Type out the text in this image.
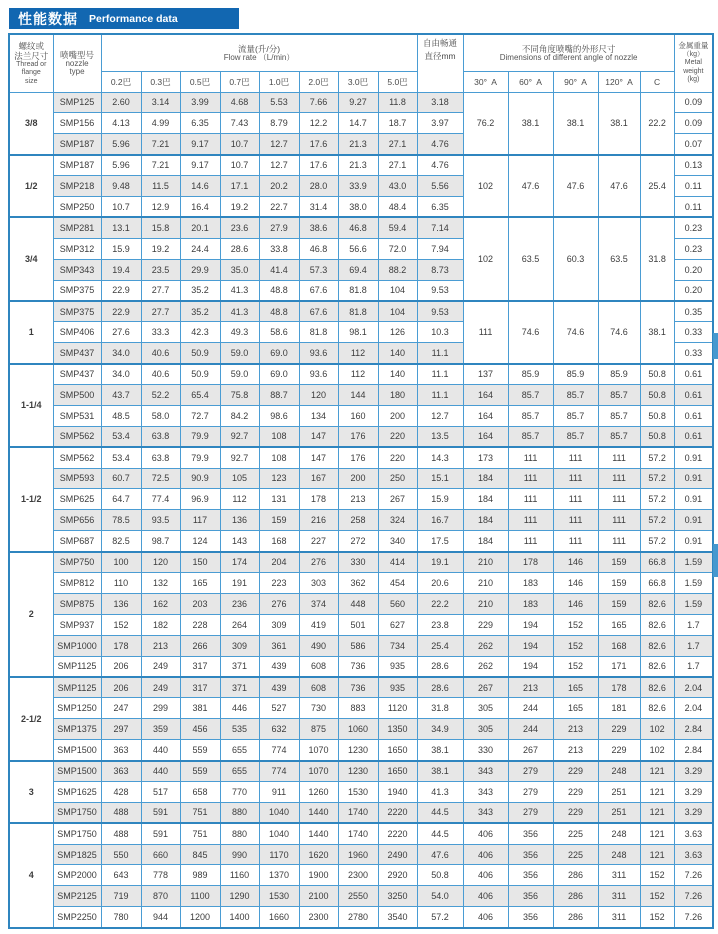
性能数据 Performance data
螺纹或
法兰尺寸
Thread or
flange
size

喷嘴型号
nozzle
type

流量(升/分)
Flow rate （L/min）

自由畅通
直径mm

不同角度喷嘴的外形尺寸
Dimensions of different angle of nozzle

金属重量
（kg）
Metal
weight
(kg)

		0.2巴	0.3巴	0.5巴	0.7巴	1.0巴	2.0巴	3.0巴	5.0巴		30°  A	60°  A	90°  A	120°  A	C	
3/8	SMP125	2.60	3.14	3.99	4.68	5.53	7.66	9.27	11.8	3.18	76.2	38.1	38.1	38.1	22.2	0.09
	SMP156	4.13	4.99	6.35	7.43	8.79	12.2	14.7	18.7	3.97						0.09
	SMP187	5.96	7.21	9.17	10.7	12.7	17.6	21.3	27.1	4.76						0.07
1/2	SMP187	5.96	7.21	9.17	10.7	12.7	17.6	21.3	27.1	4.76	102	47.6	47.6	47.6	25.4	0.13
	SMP218	9.48	11.5	14.6	17.1	20.2	28.0	33.9	43.0	5.56						0.11
	SMP250	10.7	12.9	16.4	19.2	22.7	31.4	38.0	48.4	6.35						0.11
3/4	SMP281	13.1	15.8	20.1	23.6	27.9	38.6	46.8	59.4	7.14	102	63.5	60.3	63.5	31.8	0.23
	SMP312	15.9	19.2	24.4	28.6	33.8	46.8	56.6	72.0	7.94						0.23
	SMP343	19.4	23.5	29.9	35.0	41.4	57.3	69.4	88.2	8.73						0.20
	SMP375	22.9	27.7	35.2	41.3	48.8	67.6	81.8	104	9.53						0.20
1	SMP375	22.9	27.7	35.2	41.3	48.8	67.6	81.8	104	9.53	111	74.6	74.6	74.6	38.1	0.35
	SMP406	27.6	33.3	42.3	49.3	58.6	81.8	98.1	126	10.3						0.33
	SMP437	34.0	40.6	50.9	59.0	69.0	93.6	112	140	11.1						0.33
1-1/4	SMP437	34.0	40.6	50.9	59.0	69.0	93.6	112	140	11.1	137	85.9	85.9	85.9	50.8	0.61
	SMP500	43.7	52.2	65.4	75.8	88.7	120	144	180	11.1	164	85.7	85.7	85.7	50.8	0.61
	SMP531	48.5	58.0	72.7	84.2	98.6	134	160	200	12.7	164	85.7	85.7	85.7	50.8	0.61
	SMP562	53.4	63.8	79.9	92.7	108	147	176	220	13.5	164	85.7	85.7	85.7	50.8	0.61
1-1/2	SMP562	53.4	63.8	79.9	92.7	108	147	176	220	14.3	173	111	111	111	57.2	0.91
	SMP593	60.7	72.5	90.9	105	123	167	200	250	15.1	184	111	111	111	57.2	0.91
	SMP625	64.7	77.4	96.9	112	131	178	213	267	15.9	184	111	111	111	57.2	0.91
	SMP656	78.5	93.5	117	136	159	216	258	324	16.7	184	111	111	111	57.2	0.91
	SMP687	82.5	98.7	124	143	168	227	272	340	17.5	184	111	111	111	57.2	0.91
2	SMP750	100	120	150	174	204	276	330	414	19.1	210	178	146	159	66.8	1.59
	SMP812	110	132	165	191	223	303	362	454	20.6	210	183	146	159	66.8	1.59
	SMP875	136	162	203	236	276	374	448	560	22.2	210	183	146	159	82.6	1.59
	SMP937	152	182	228	264	309	419	501	627	23.8	229	194	152	165	82.6	1.7
	SMP1000	178	213	266	309	361	490	586	734	25.4	262	194	152	168	82.6	1.7
	SMP1125	206	249	317	371	439	608	736	935	28.6	262	194	152	171	82.6	1.7
2-1/2	SMP1125	206	249	317	371	439	608	736	935	28.6	267	213	165	178	82.6	2.04
	SMP1250	247	299	381	446	527	730	883	1120	31.8	305	244	165	181	82.6	2.04
	SMP1375	297	359	456	535	632	875	1060	1350	34.9	305	244	213	229	102	2.84
	SMP1500	363	440	559	655	774	1070	1230	1650	38.1	330	267	213	229	102	2.84
3	SMP1500	363	440	559	655	774	1070	1230	1650	38.1	343	279	229	248	121	3.29
	SMP1625	428	517	658	770	911	1260	1530	1940	41.3	343	279	229	251	121	3.29
	SMP1750	488	591	751	880	1040	1440	1740	2220	44.5	343	279	229	251	121	3.29
4	SMP1750	488	591	751	880	1040	1440	1740	2220	44.5	406	356	225	248	121	3.63
	SMP1825	550	660	845	990	1170	1620	1960	2490	47.6	406	356	225	248	121	3.63
	SMP2000	643	778	989	1160	1370	1900	2300	2920	50.8	406	356	286	311	152	7.26
	SMP2125	719	870	1100	1290	1530	2100	2550	3250	54.0	406	356	286	311	152	7.26
	SMP2250	780	944	1200	1400	1660	2300	2780	3540	57.2	406	356	286	311	152	7.26
